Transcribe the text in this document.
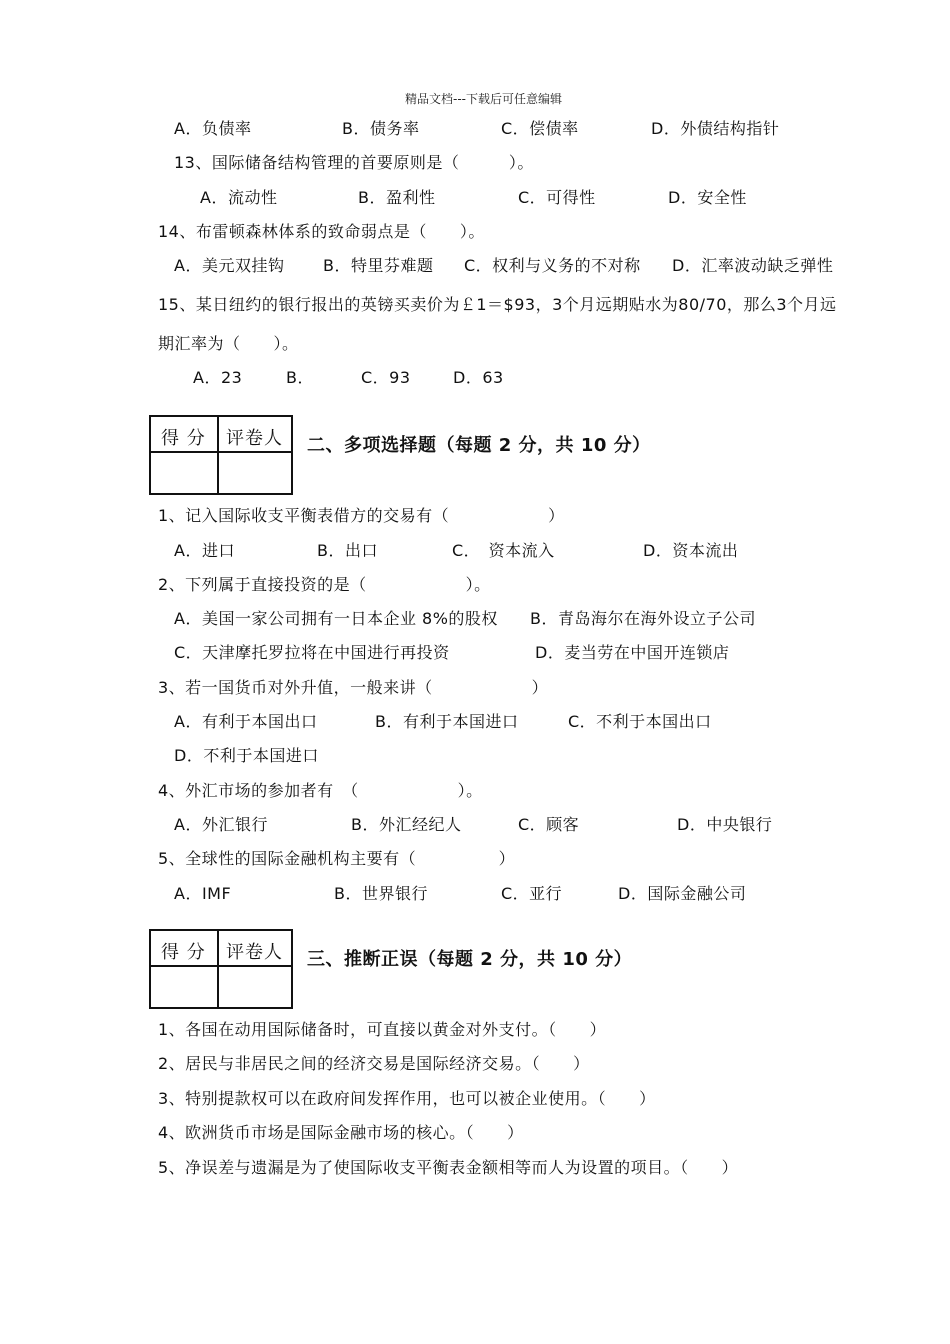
精品文档---下载后可任意编辑
A．负债率	B．债务率	C．偿债率	D．外债结构指针
13、国际储备结构管理的首要原则是（　　　）。
A．流动性	B．盈利性	C．可得性	D．安全性
14、布雷顿森林体系的致命弱点是（　　）。
A．美元双挂钩 B．特里芬难题 C．权利与义务的不对称 D．汇率波动缺乏弹性
15、某日纽约的银行报出的英镑买卖价为￡1＝$93，3个月远期贴水为80/70，那么3个月远
期汇率为（　　）。
A．23	B．	C．93	D．63
得 分 评卷人 二、多项选择题（每题 2 分，共 10 分）
1、记入国际收支平衡表借方的交易有（　　　　　　）
A．进口	B．出口	C．　资本流入	D．资本流出
2、下列属于直接投资的是（　　　　　　）。
A．美国一家公司拥有一日本企业 8%的股权 B．青岛海尔在海外设立子公司
C．天津摩托罗拉将在中国进行再投资	D．麦当劳在中国开连锁店
3、若一国货币对外升值，一般来讲（　　　　　　）
A．有利于本国出口	B．有利于本国进口	C．不利于本国出口
D．不利于本国进口
4、外汇市场的参加者有　（　　　　　　）。
A．外汇银行	B．外汇经纪人	C．顾客	D．中央银行
5、全球性的国际金融机构主要有（　　　　　）
A．IMF	B．世界银行	C．亚行	D．国际金融公司
得 分 评卷人 三、推断正误（每题 2 分，共 10 分）
1、各国在动用国际储备时，可直接以黄金对外支付。（　　）
2、居民与非居民之间的经济交易是国际经济交易。（　　）
3、特别提款权可以在政府间发挥作用，也可以被企业使用。（　　）
4、欧洲货币市场是国际金融市场的核心。（　　）
5、净误差与遗漏是为了使国际收支平衡表金额相等而人为设置的项目。（　　）
